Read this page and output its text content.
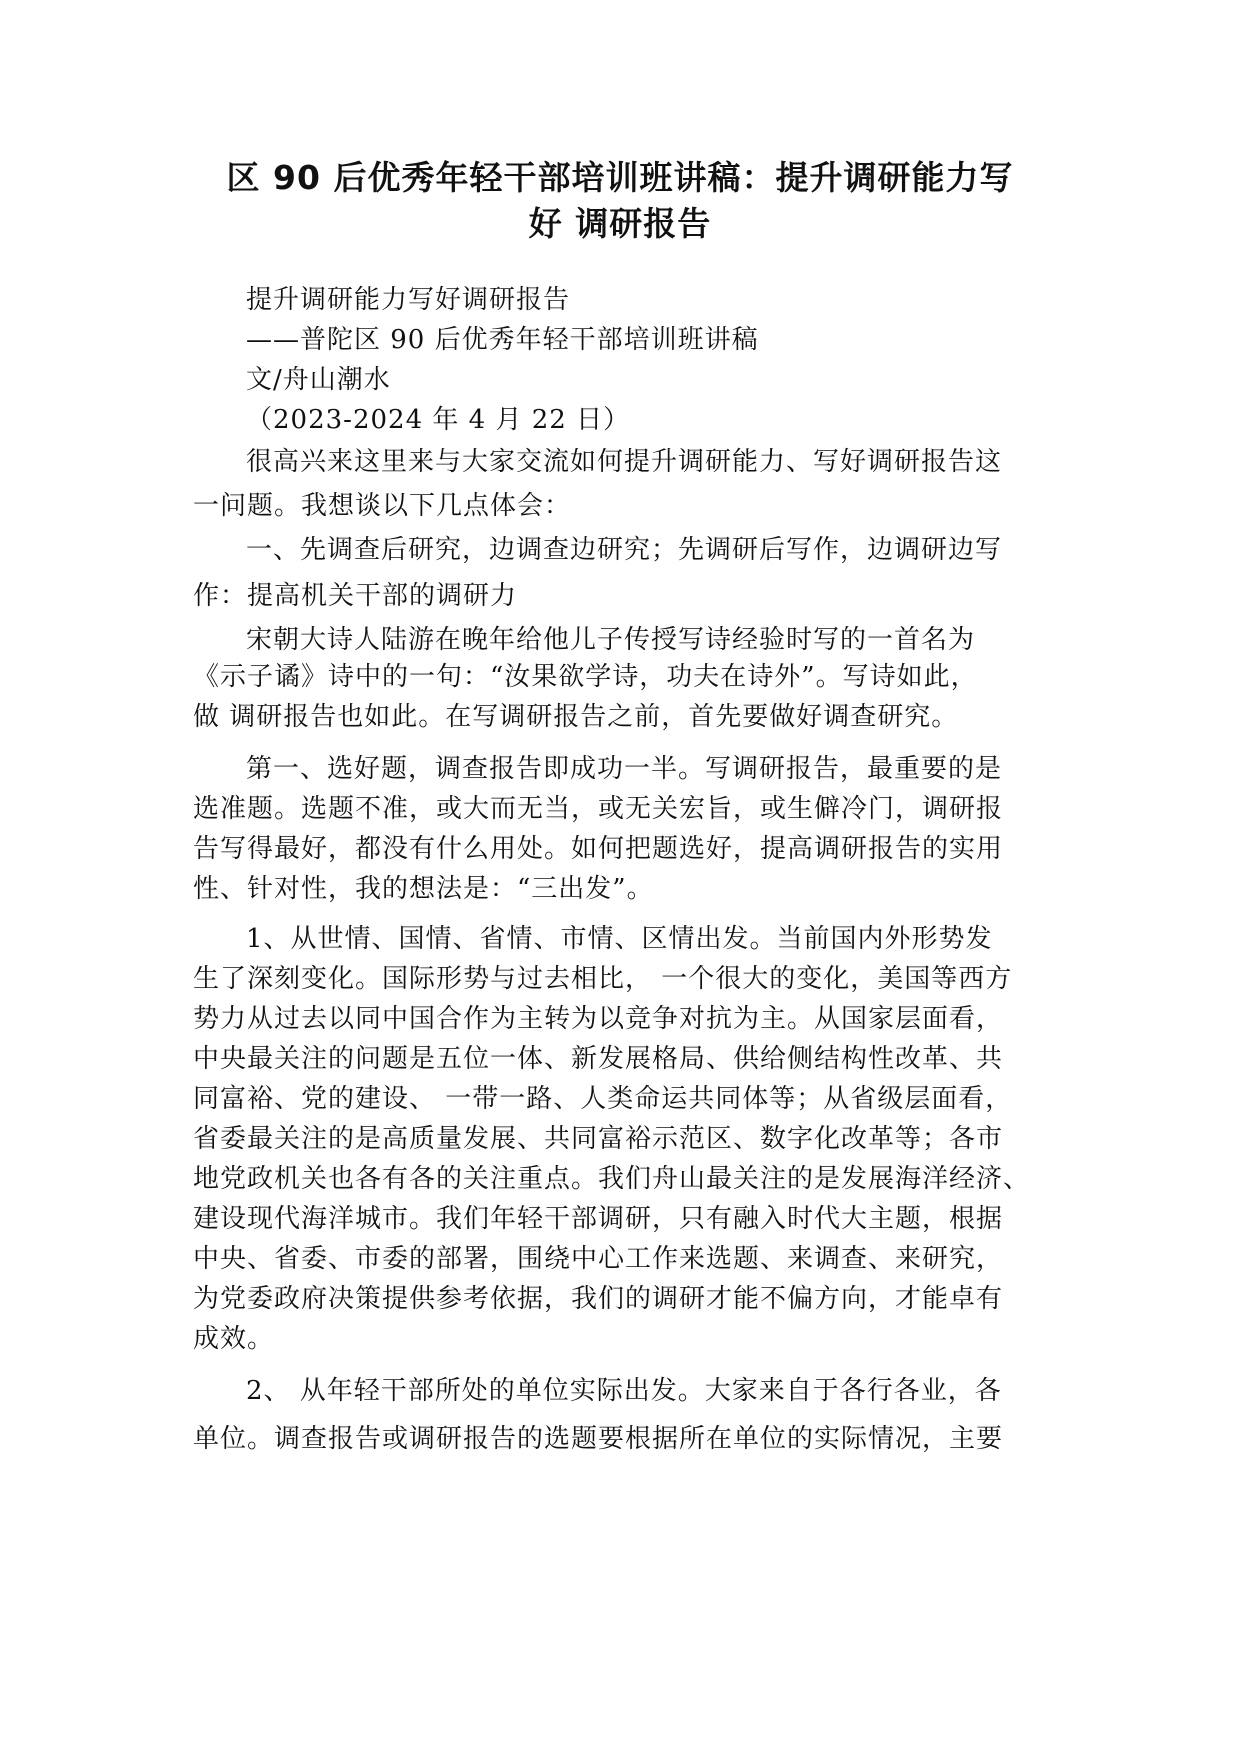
区 90 后优秀年轻干部培训班讲稿：提升调研能力写
好 调研报告
提升调研能力写好调研报告
——普陀区 90 后优秀年轻干部培训班讲稿
文/舟山潮水
（2023-2024 年 4 月 22 日）
很高兴来这里来与大家交流如何提升调研能力、写好调研报告这
一问题。我想谈以下几点体会：
一、先调查后研究，边调查边研究；先调研后写作，边调研边写
作：提高机关干部的调研力
宋朝大诗人陆游在晚年给他儿子传授写诗经验时写的一首名为
《示子谲》诗中的一句：“汝果欲学诗，功夫在诗外”。写诗如此，
做 调研报告也如此。在写调研报告之前，首先要做好调查研究。
第一、选好题，调查报告即成功一半。写调研报告，最重要的是
选准题。选题不准，或大而无当，或无关宏旨，或生僻冷门，调研报
告写得最好，都没有什么用处。如何把题选好，提高调研报告的实用
性、针对性，我的想法是：“三出发”。
1、从世情、国情、省情、市情、区情出发。当前国内外形势发
生了深刻变化。国际形势与过去相比， 一个很大的变化，美国等西方
势力从过去以同中国合作为主转为以竞争对抗为主。从国家层面看，
中央最关注的问题是五位一体、新发展格局、供给侧结构性改革、共
同富裕、党的建设、 一带一路、人类命运共同体等；从省级层面看，
省委最关注的是高质量发展、共同富裕示范区、数字化改革等；各市
地党政机关也各有各的关注重点。我们舟山最关注的是发展海洋经济、
建设现代海洋城市。我们年轻干部调研，只有融入时代大主题，根据
中央、省委、市委的部署，围绕中心工作来选题、来调查、来研究，
为党委政府决策提供参考依据，我们的调研才能不偏方向，才能卓有
成效。
2、 从年轻干部所处的单位实际出发。大家来自于各行各业，各
单位。调查报告或调研报告的选题要根据所在单位的实际情况，主要
